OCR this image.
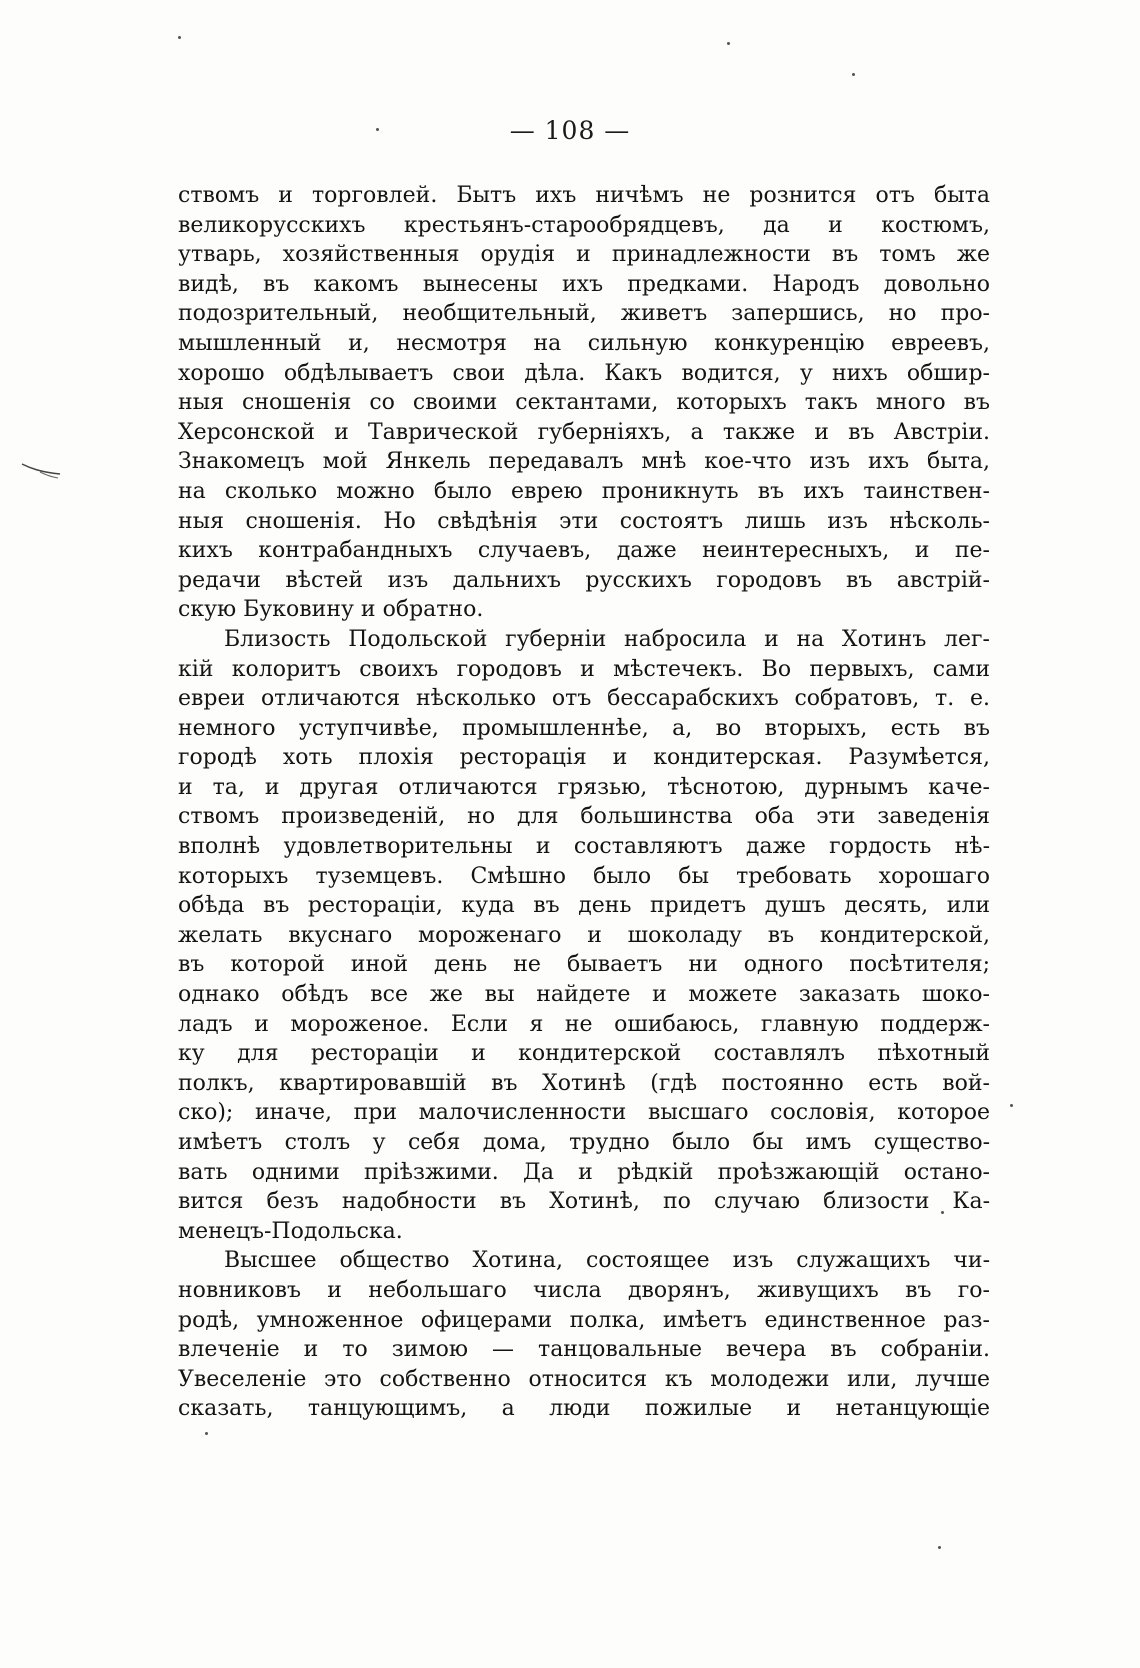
— 108 —
ствомъ и торговлей. Бытъ ихъ ничѣмъ не рознится отъ быта
великорусскихъ крестьянъ-старообрядцевъ, да и костюмъ,
утварь, хозяйственныя орудія и принадлежности въ томъ же
видѣ, въ какомъ вынесены ихъ предками. Народъ довольно
подозрительный, необщительный, живетъ запершись, но про-
мышленный и, несмотря на сильную конкуренцію евреевъ,
хорошо обдѣлываетъ свои дѣла. Какъ водится, у нихъ обшир-
ныя сношенія со своими сектантами, которыхъ такъ много въ
Херсонской и Таврической губерніяхъ, а также и въ Австріи.
Знакомецъ мой Янкель передавалъ мнѣ кое-что изъ ихъ быта,
на сколько можно было еврею проникнуть въ ихъ таинствен-
ныя сношенія. Но свѣдѣнія эти состоятъ лишь изъ нѣсколь-
кихъ контрабандныхъ случаевъ, даже неинтересныхъ, и пе-
редачи вѣстей изъ дальнихъ русскихъ городовъ въ австрій-
скую Буковину и обратно.
Близость Подольской губерніи набросила и на Хотинъ лег-
кій колоритъ своихъ городовъ и мѣстечекъ. Во первыхъ, сами
евреи отличаются нѣсколько отъ бессарабскихъ собратовъ, т. е.
немного уступчивѣе, промышленнѣе, а, во вторыхъ, есть въ
городѣ хоть плохія ресторація и кондитерская. Разумѣется,
и та, и другая отличаются грязью, тѣснотою, дурнымъ каче-
ствомъ произведеній, но для большинства оба эти заведенія
вполнѣ удовлетворительны и составляютъ даже гордость нѣ-
которыхъ туземцевъ. Смѣшно было бы требовать хорошаго
обѣда въ ресторацiи, куда въ день придетъ душъ десять, или
желать вкуснаго мороженаго и шоколаду въ кондитерской,
въ которой иной день не бываетъ ни одного посѣтителя;
однако обѣдъ все же вы найдете и можете заказать шоко-
ладъ и мороженое. Если я не ошибаюсь, главную поддерж-
ку для ресторацiи и кондитерской составлялъ пѣхотный
полкъ, квартировавшій въ Хотинѣ (гдѣ постоянно есть вой-
ско); иначе, при малочисленности высшаго сословія, которое
имѣетъ столъ у себя дома, трудно было бы имъ существо-
вать одними пріѣзжими. Да и рѣдкій проѣзжающій остано-
вится безъ надобности въ Хотинѣ, по случаю близости Ка-
менецъ-Подольска.
Высшее общество Хотина, состоящее изъ служащихъ чи-
новниковъ и небольшаго числа дворянъ, живущихъ въ го-
родѣ, умноженное офицерами полка, имѣетъ единственное раз-
влеченіе и то зимою — танцовальные вечера въ собраніи.
Увеселеніе это собственно относится къ молодежи или, лучше
сказать, танцующимъ, а люди пожилые и нетанцующіе
